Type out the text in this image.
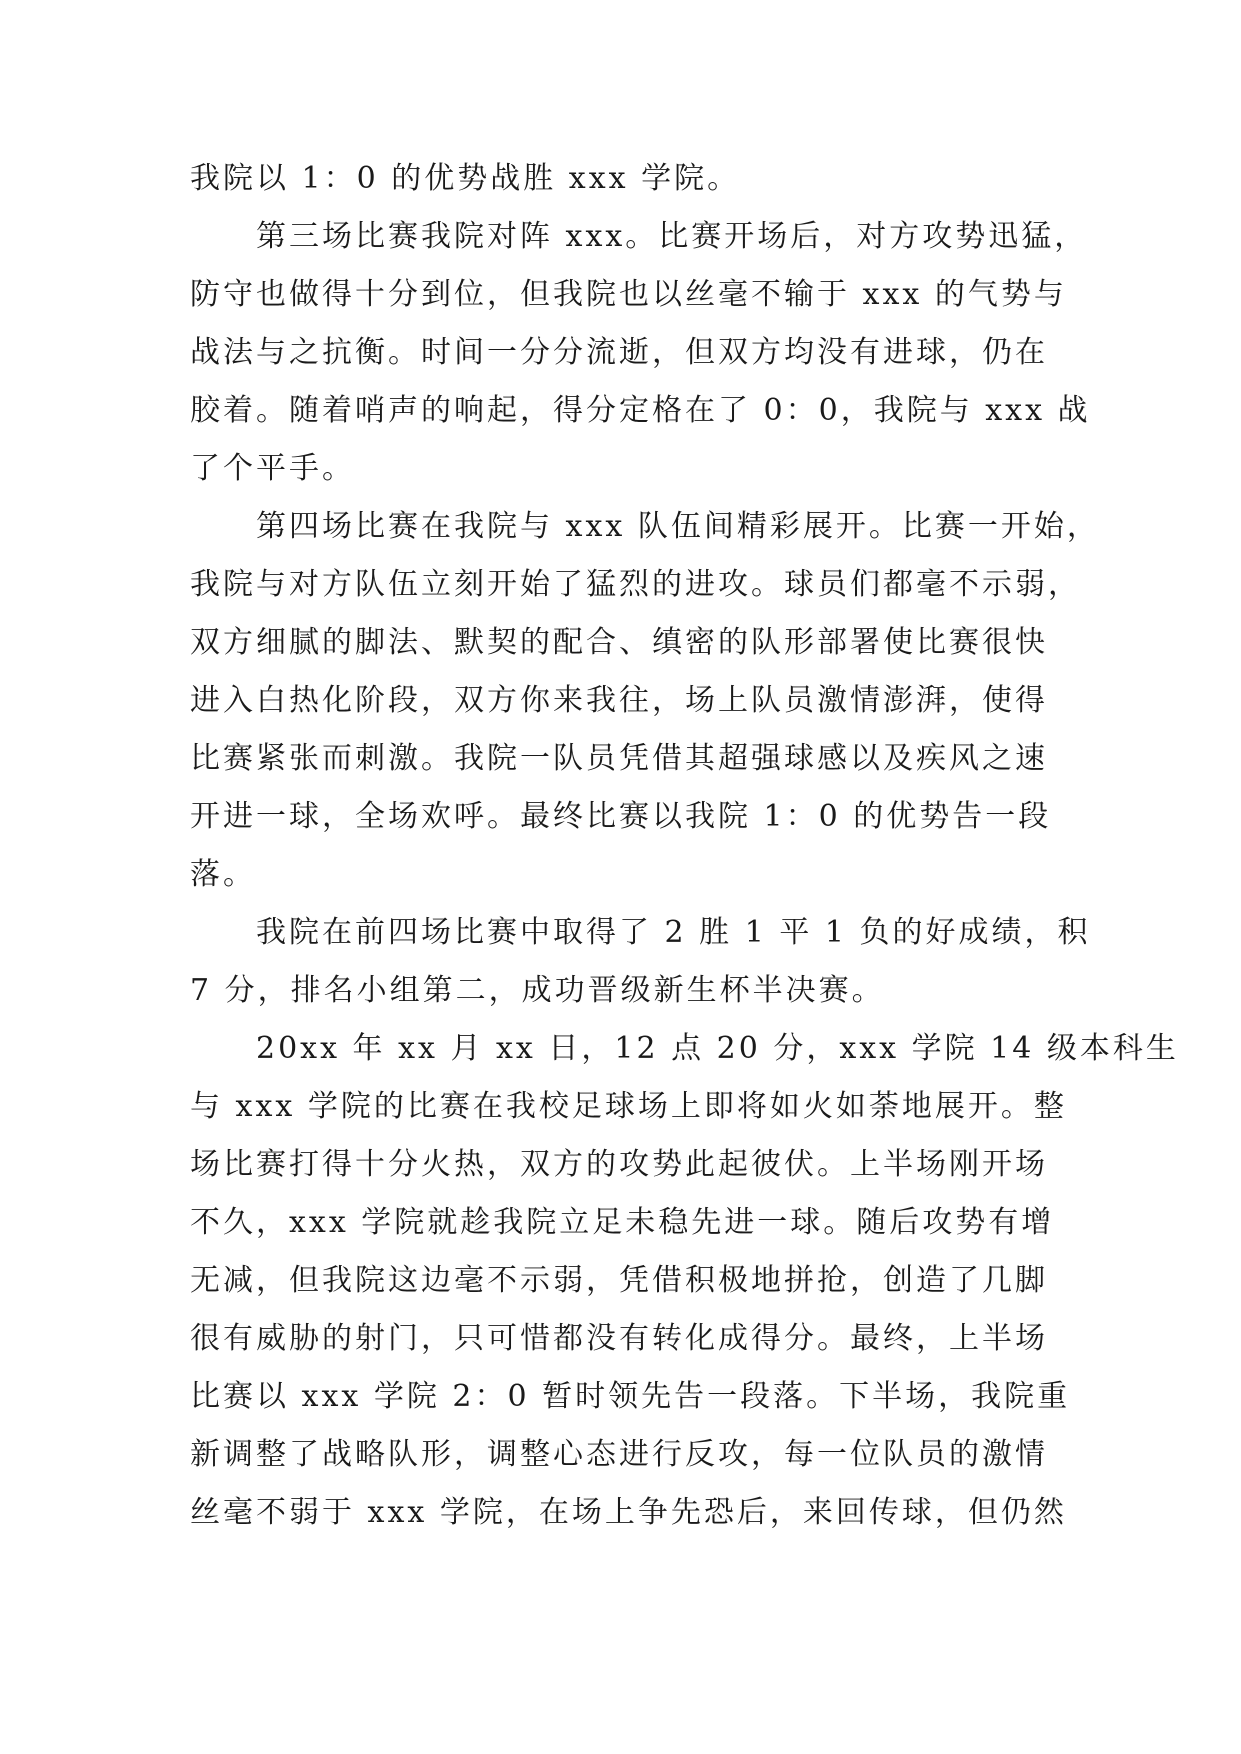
我院以 1：0 的优势战胜 xxx 学院。
第三场比赛我院对阵 xxx。比赛开场后，对方攻势迅猛，
防守也做得十分到位，但我院也以丝毫不输于 xxx 的气势与
战法与之抗衡。时间一分分流逝，但双方均没有进球，仍在
胶着。随着哨声的响起，得分定格在了 0：0，我院与 xxx 战
了个平手。
第四场比赛在我院与 xxx 队伍间精彩展开。比赛一开始，
我院与对方队伍立刻开始了猛烈的进攻。球员们都毫不示弱，
双方细腻的脚法、默契的配合、缜密的队形部署使比赛很快
进入白热化阶段，双方你来我往，场上队员激情澎湃，使得
比赛紧张而刺激。我院一队员凭借其超强球感以及疾风之速
开进一球，全场欢呼。最终比赛以我院 1：0 的优势告一段
落。
我院在前四场比赛中取得了 2 胜 1 平 1 负的好成绩，积
7 分，排名小组第二，成功晋级新生杯半决赛。
20xx 年 xx 月 xx 日，12 点 20 分，xxx 学院 14 级本科生
与 xxx 学院的比赛在我校足球场上即将如火如荼地展开。整
场比赛打得十分火热，双方的攻势此起彼伏。上半场刚开场
不久，xxx 学院就趁我院立足未稳先进一球。随后攻势有增
无减，但我院这边毫不示弱，凭借积极地拼抢，创造了几脚
很有威胁的射门，只可惜都没有转化成得分。最终，上半场
比赛以 xxx 学院 2：0 暂时领先告一段落。下半场，我院重
新调整了战略队形，调整心态进行反攻，每一位队员的激情
丝毫不弱于 xxx 学院，在场上争先恐后，来回传球，但仍然
